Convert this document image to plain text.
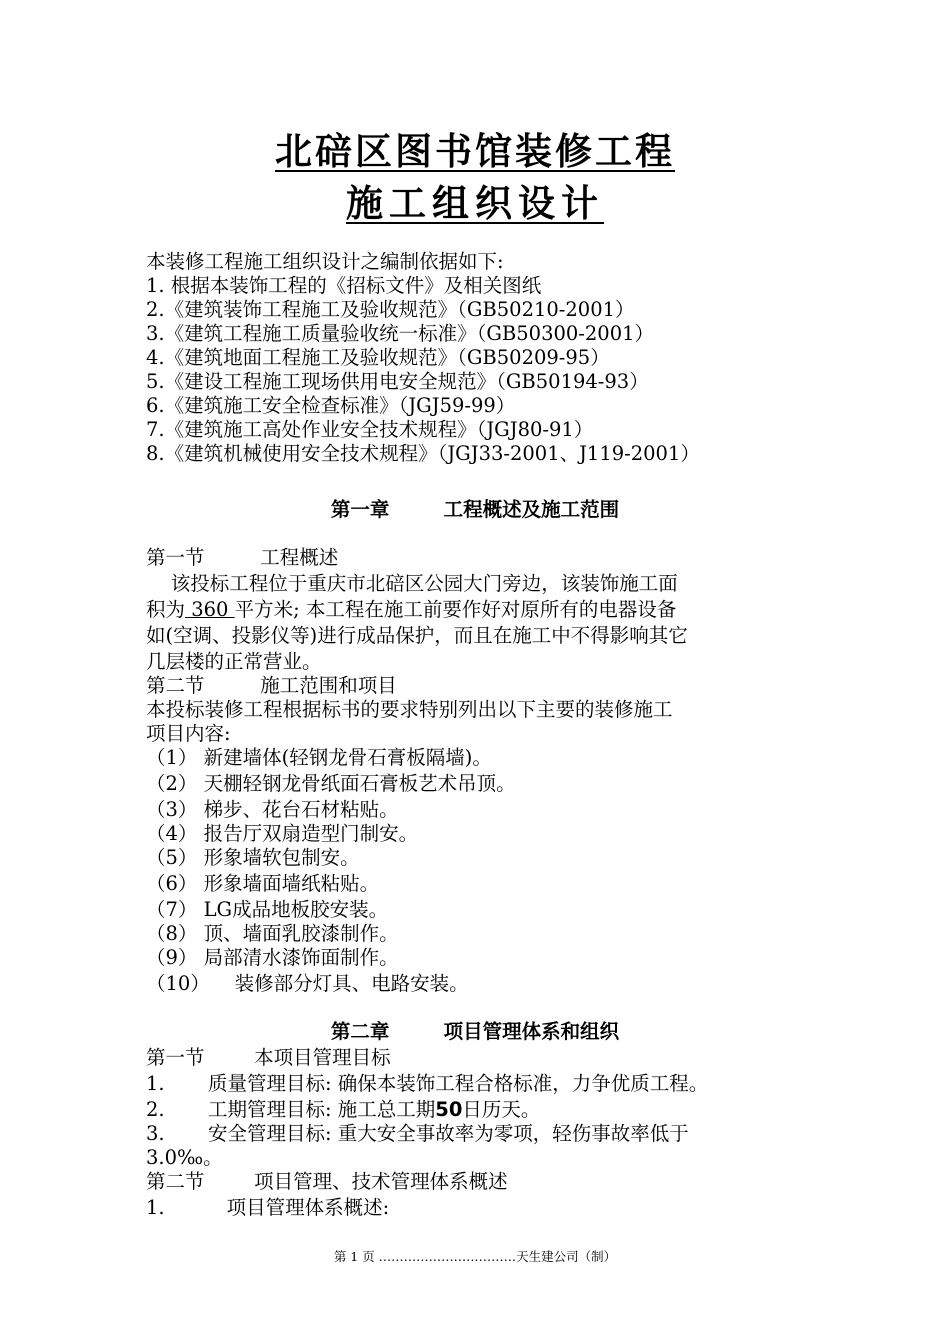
北碚区图书馆装修工程
施工组织设计
本装修工程施工组织设计之编制依据如下:
1. 根据本装饰工程的《招标文件》及相关图纸
2.《建筑装饰工程施工及验收规范》（GB50210-2001）
3.《建筑工程施工质量验收统一标准》（GB50300-2001）
4.《建筑地面工程施工及验收规范》（GB50209-95）
5.《建设工程施工现场供用电安全规范》（GB50194-93）
6.《建筑施工安全检查标准》（JGJ59-99）
7.《建筑施工高处作业安全技术规程》（JGJ80-91）
8.《建筑机械使用安全技术规程》（JGJ33-2001、J119-2001）
第一章        工程概述及施工范围
第一节         工程概述
该投标工程位于重庆市北碚区公园大门旁边，该装饰施工面
积为 360 平方米; 本工程在施工前要作好对原所有的电器设备
如(空调、投影仪等)进行成品保护，而且在施工中不得影响其它
几层楼的正常营业。
第二节         施工范围和项目
本投标装修工程根据标书的要求特别列出以下主要的装修施工
项目内容:
（1） 新建墙体(轻钢龙骨石膏板隔墙)。
（2） 天棚轻钢龙骨纸面石膏板艺术吊顶。
（3） 梯步、花台石材粘贴。
（4） 报告厅双扇造型门制安。
（5） 形象墙软包制安。
（6） 形象墙面墙纸粘贴。
（7） LG成品地板胶安装。
（8） 顶、墙面乳胶漆制作。
（9） 局部清水漆饰面制作。
（10）    装修部分灯具、电路安装。
第二章        项目管理体系和组织
第一节        本项目管理目标
1.       质量管理目标: 确保本装饰工程合格标准，力争优质工程。
2.       工期管理目标: 施工总工期50日历天。
3.       安全管理目标: 重大安全事故率为零项，轻伤事故率低于
3.0‰。
第二节        项目管理、技术管理体系概述
1.          项目管理体系概述:
第 1 页 ……………………………天生建公司（制）
